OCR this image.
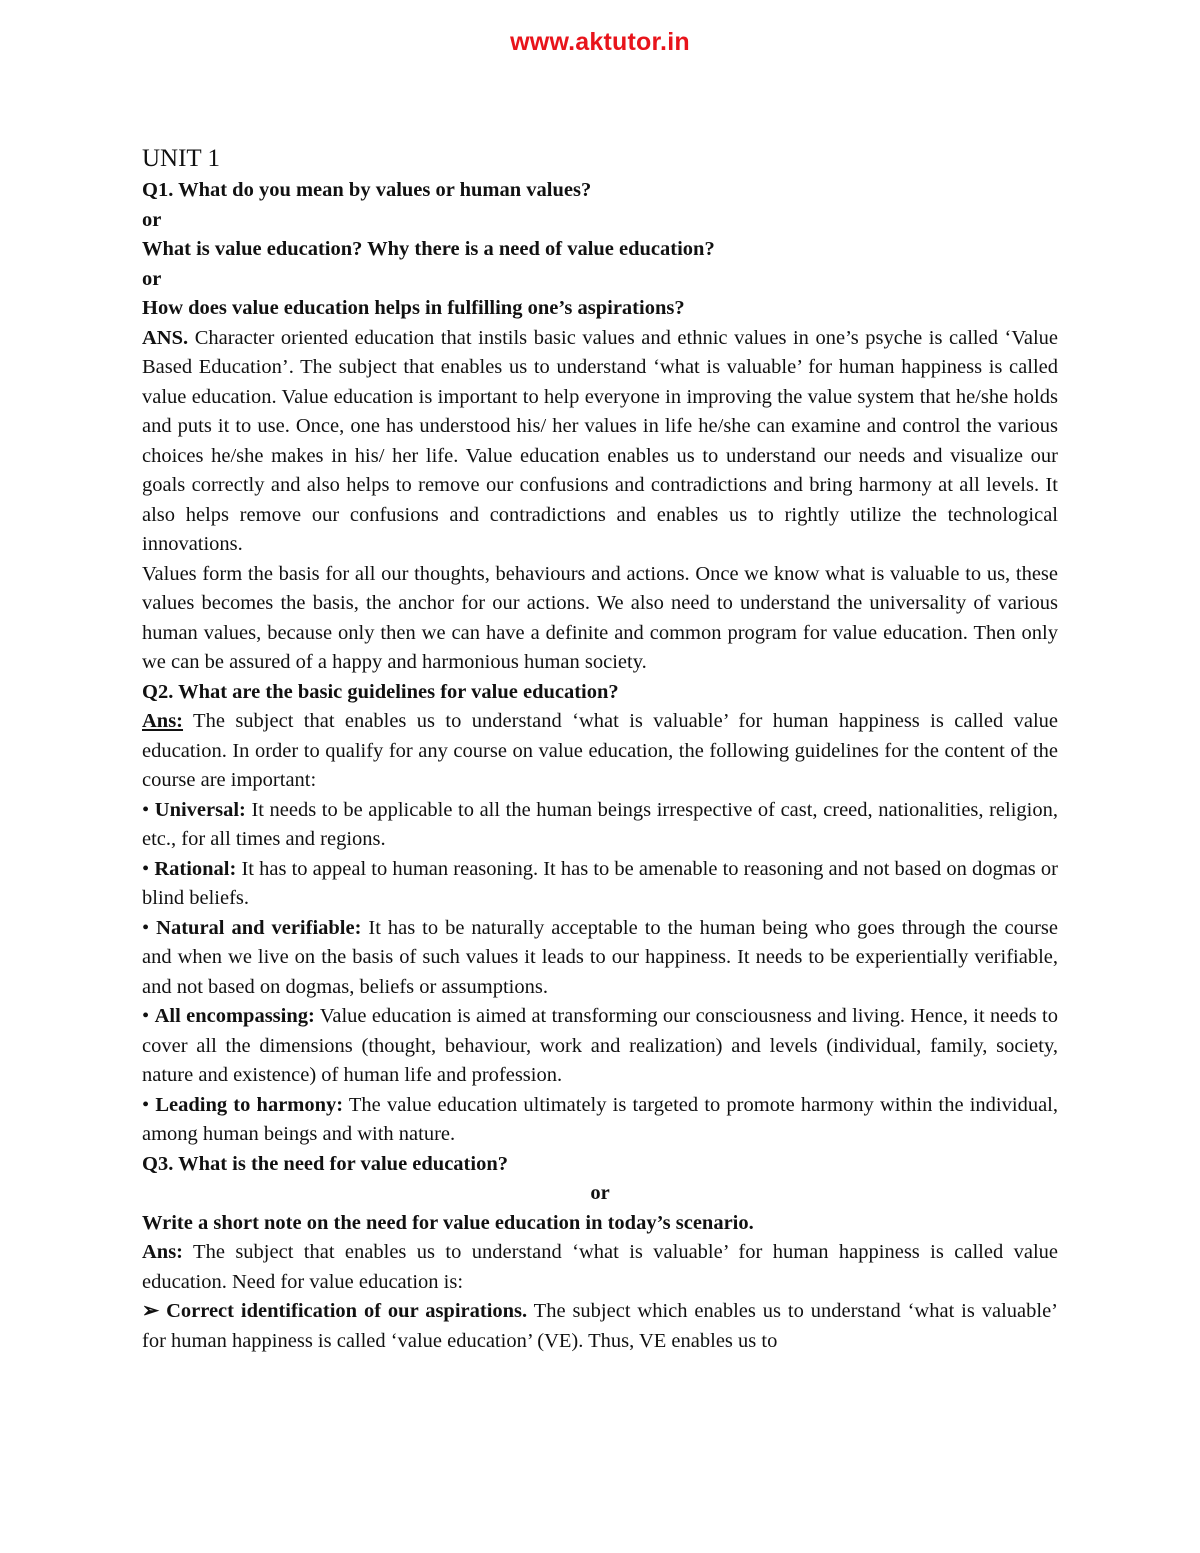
www.aktutor.in
UNIT 1

Q1. What do you mean by values or human values?

or

What is value education? Why there is a need of value education?

or

How does value education helps in fulfilling one’s aspirations?

ANS. Character oriented education that instils basic values and ethnic values in one’s psyche is called ‘Value Based Education’. The subject that enables us to understand ‘what is valuable’ for human happiness is called value education. Value education is important to help everyone in improving the value system that he/she holds and puts it to use. Once, one has understood his/ her values in life he/she can examine and control the various choices he/she makes in his/ her life. Value education enables us to understand our needs and visualize our goals correctly and also helps to remove our confusions and contradictions and bring harmony at all levels. It also helps remove our confusions and contradictions and enables us to rightly utilize the technological innovations.

Values form the basis for all our thoughts, behaviours and actions. Once we know what is valuable to us, these values becomes the basis, the anchor for our actions. We also need to understand the universality of various human values, because only then we can have a definite and common program for value education. Then only we can be assured of a happy and harmonious human society.

Q2. What are the basic guidelines for value education?

Ans: The subject that enables us to understand ‘what is valuable’ for human happiness is called value education. In order to qualify for any course on value education, the following guidelines for the content of the course are important:

• Universal: It needs to be applicable to all the human beings irrespective of cast, creed, nationalities, religion, etc., for all times and regions.

• Rational: It has to appeal to human reasoning. It has to be amenable to reasoning and not based on dogmas or blind beliefs.

• Natural and verifiable: It has to be naturally acceptable to the human being who goes through the course and when we live on the basis of such values it leads to our happiness. It needs to be experientially verifiable, and not based on dogmas, beliefs or assumptions.

• All encompassing: Value education is aimed at transforming our consciousness and living. Hence, it needs to cover all the dimensions (thought, behaviour, work and realization) and levels (individual, family, society, nature and existence) of human life and profession.

• Leading to harmony: The value education ultimately is targeted to promote harmony within the individual, among human beings and with nature.

Q3. What is the need for value education?

or

Write a short note on the need for value education in today’s scenario.

Ans: The subject that enables us to understand ‘what is valuable’ for human happiness is called value education. Need for value education is:

➢ Correct identification of our aspirations. The subject which enables us to understand ‘what is valuable’ for human happiness is called ‘value education’ (VE). Thus, VE enables us to
